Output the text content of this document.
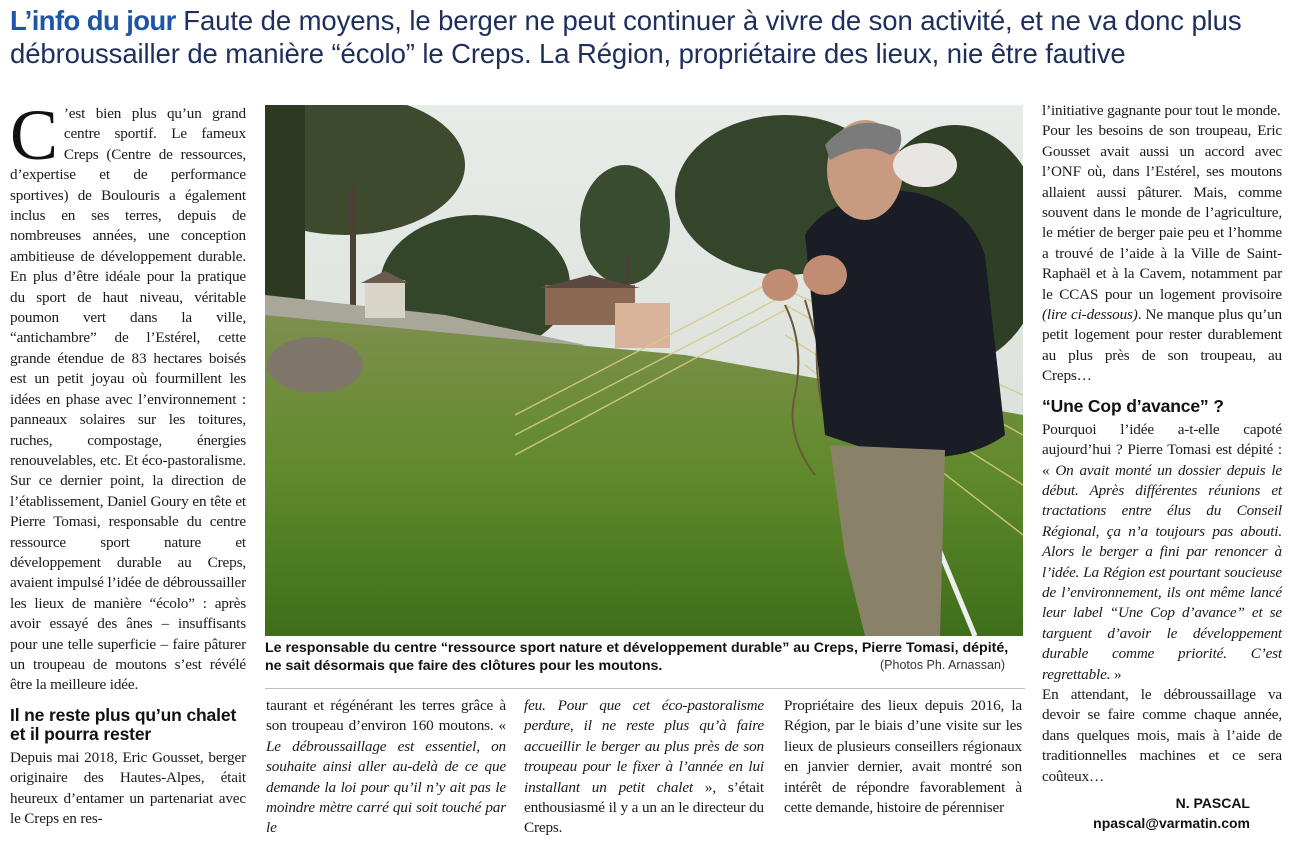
L’info du jour Faute de moyens, le berger ne peut continuer à vivre de son activité, et ne va donc plus débroussailler de manière “écolo” le Creps. La Région, propriétaire des lieux, nie être fautive

C ’est bien plus qu’un grand centre sportif. Le fameux Creps (Centre de ressources, d’expertise et de performance sportives) de Boulouris a également inclus en ses terres, depuis de nombreuses années, une conception ambitieuse de développement durable. En plus d’être idéale pour la pratique du sport de haut niveau, véritable poumon vert dans la ville, “antichambre” de l’Estérel, cette grande étendue de 83 hectares boisés est un petit joyau où fourmillent les idées en phase avec l’environnement : panneaux solaires sur les toitures, ruches, compostage, énergies renouvelables, etc. Et éco-pastoralisme. Sur ce dernier point, la direction de l’établissement, Daniel Goury en tête et Pierre Tomasi, responsable du centre ressource sport nature et développement durable au Creps, avaient impulsé l’idée de débroussailler les lieux de manière “écolo” : après avoir essayé des ânes – insuffisants pour une telle superficie – faire pâturer un troupeau de moutons s’est révélé être la meilleure idée.

Il ne reste plus qu’un chalet et il pourra rester

Depuis mai 2018, Eric Gousset, berger originaire des Hautes-Alpes, était heureux d’entamer un partenariat avec le Creps en res-

Le responsable du centre “ressource sport nature et développement durable” au Creps, Pierre Tomasi, dépité, ne sait désormais que faire des clôtures pour les moutons.	(Photos Ph. Arnassan)

taurant et régénérant les terres grâce à son troupeau d’environ 160 moutons. « Le débroussaillage est essentiel, on souhaite ainsi aller au-delà de ce que demande la loi pour qu’il n’y ait pas le moindre mètre carré qui soit touché par le

feu. Pour que cet éco-pastoralisme perdure, il ne reste plus qu’à faire accueillir le berger au plus près de son troupeau pour le fixer à l’année en lui installant un petit chalet », s’était enthousiasmé il y a un an le directeur du Creps.

Propriétaire des lieux depuis 2016, la Région, par le biais d’une visite sur les lieux de plusieurs conseillers régionaux en janvier dernier, avait montré son intérêt de répondre favorablement à cette demande, histoire de pérenniser

l’initiative gagnante pour tout le monde.

Pour les besoins de son troupeau, Eric Gousset avait aussi un accord avec l’ONF où, dans l’Estérel, ses moutons allaient aussi pâturer. Mais, comme souvent dans le monde de l’agriculture, le métier de berger paie peu et l’homme a trouvé de l’aide à la Ville de Saint-Raphaël et à la Cavem, notamment par le CCAS pour un logement provisoire (lire ci-dessous). Ne manque plus qu’un petit logement pour rester durablement au plus près de son troupeau, au Creps…

“Une Cop d’avance” ?

Pourquoi l’idée a-t-elle capoté aujourd’hui ? Pierre Tomasi est dépité : « On avait monté un dossier depuis le début. Après différentes réunions et tractations entre élus du Conseil Régional, ça n’a toujours pas abouti. Alors le berger a fini par renoncer à l’idée. La Région est pourtant soucieuse de l’environnement, ils ont même lancé leur label “Une Cop d’avance” et se targuent d’avoir le développement durable comme priorité. C’est regrettable. »

En attendant, le débroussaillage va devoir se faire comme chaque année, dans quelques mois, mais à l’aide de traditionnelles machines et ce sera coûteux…

N. PASCAL
npascal@varmatin.com
